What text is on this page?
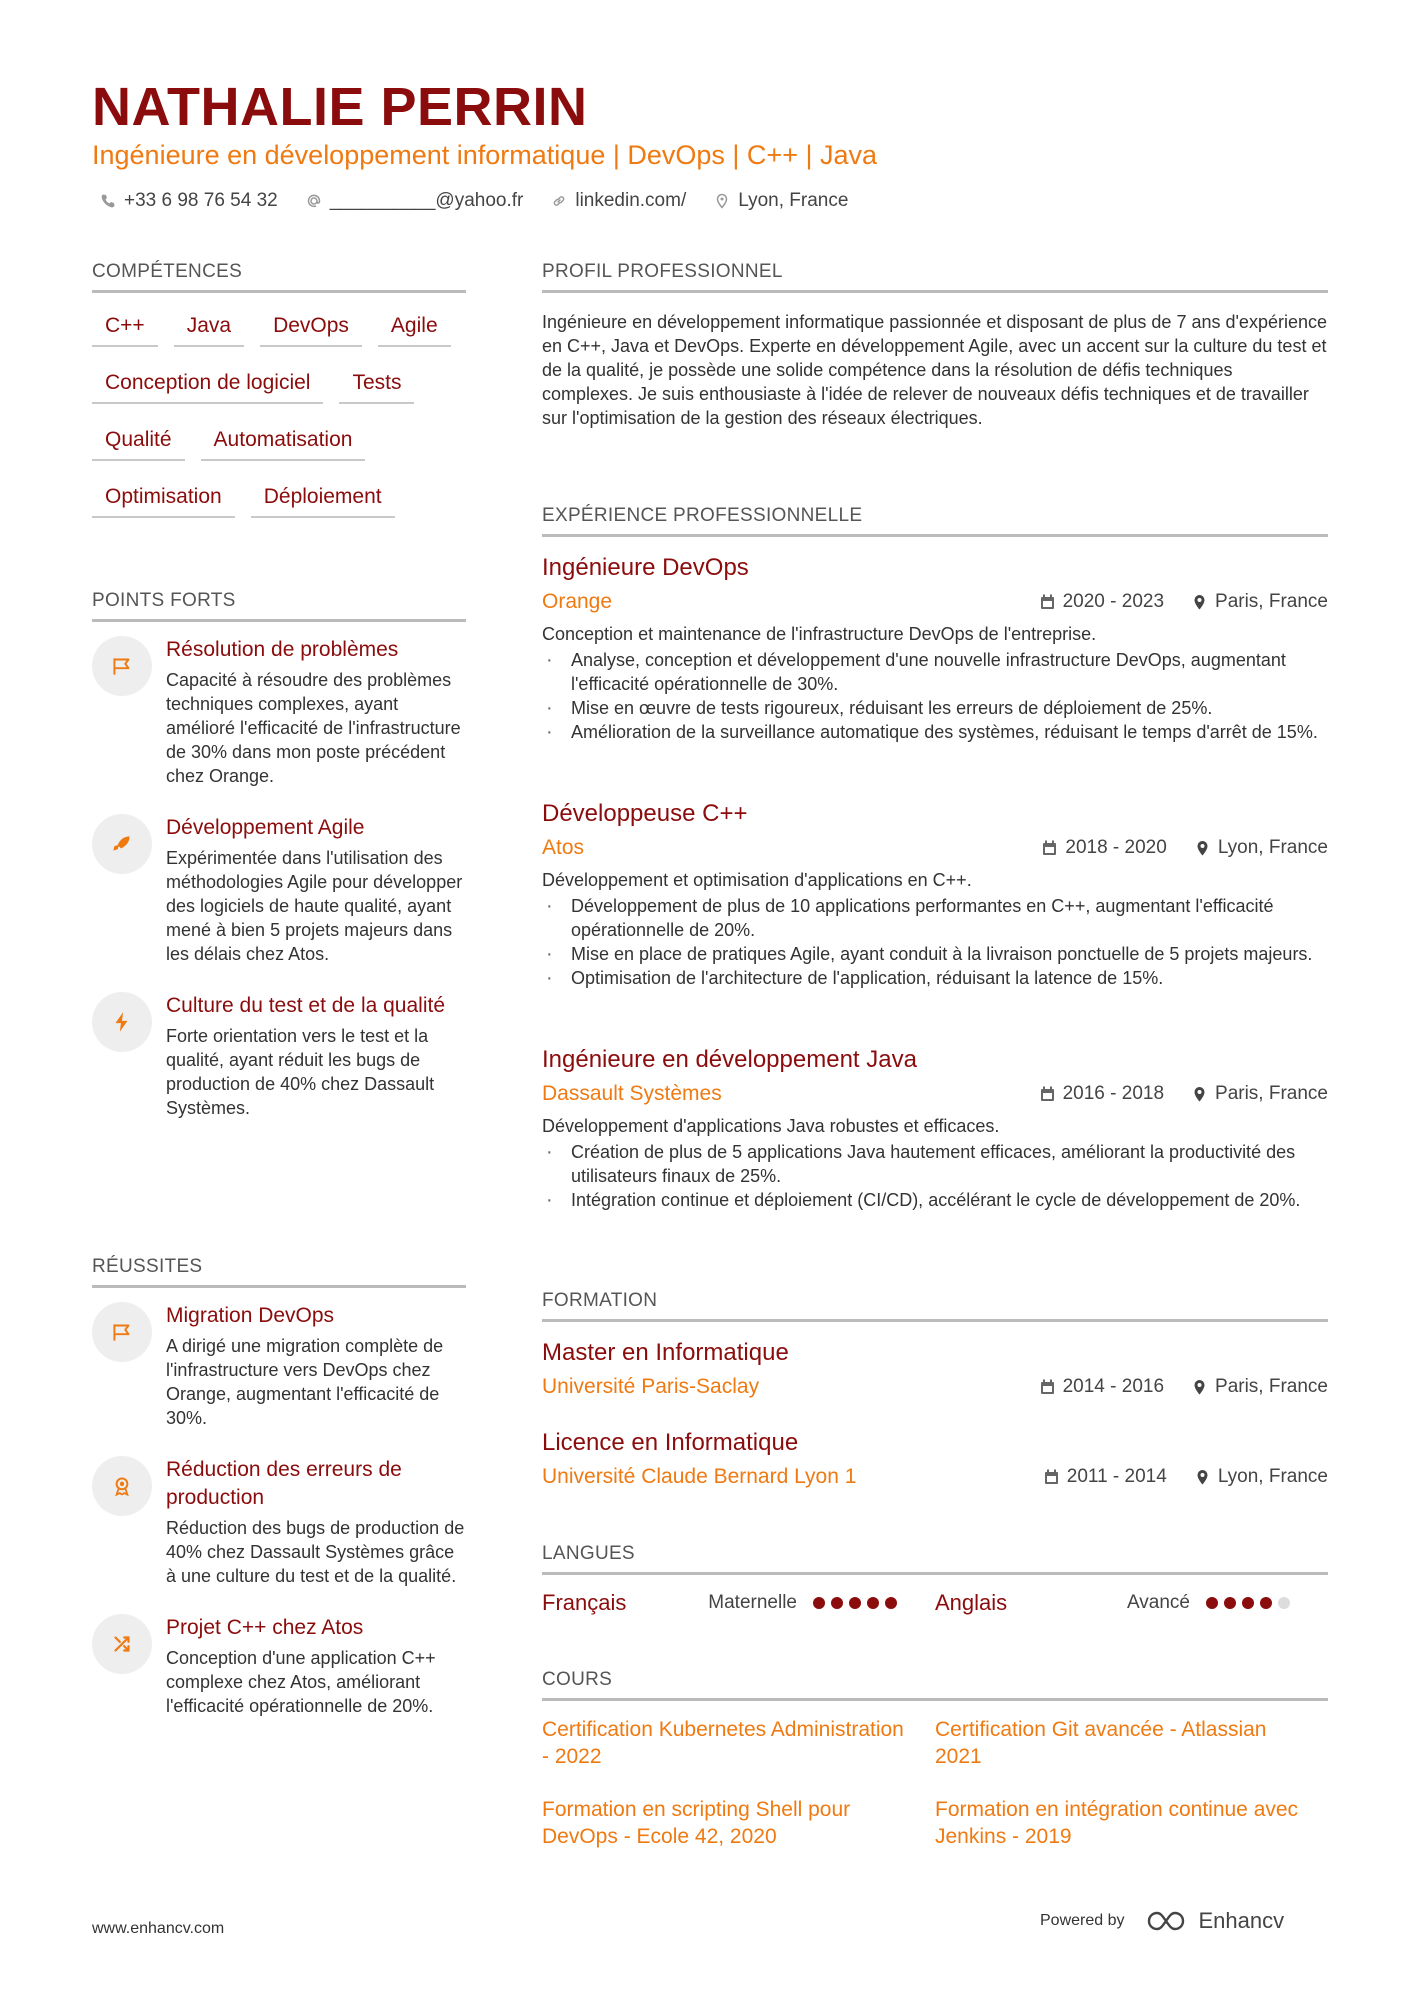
NATHALIE PERRIN
Ingénieure en développement informatique | DevOps | C++ | Java
+33 6 98 76 54 32	__________@yahoo.fr	linkedin.com/	Lyon, France
COMPÉTENCES
C++	Java	DevOps	Agile
Conception de logiciel	Tests
Qualité	Automatisation
Optimisation	Déploiement
POINTS FORTS
Résolution de problèmes
Capacité à résoudre des problèmes techniques complexes, ayant amélioré l'efficacité de l'infrastructure de 30% dans mon poste précédent chez Orange.
Développement Agile
Expérimentée dans l'utilisation des méthodologies Agile pour développer des logiciels de haute qualité, ayant mené à bien 5 projets majeurs dans les délais chez Atos.
Culture du test et de la qualité
Forte orientation vers le test et la qualité, ayant réduit les bugs de production de 40% chez Dassault Systèmes.
RÉUSSITES
Migration DevOps
A dirigé une migration complète de l'infrastructure vers DevOps chez Orange, augmentant l'efficacité de 30%.
Réduction des erreurs de production
Réduction des bugs de production de 40% chez Dassault Systèmes grâce à une culture du test et de la qualité.
Projet C++ chez Atos
Conception d'une application C++ complexe chez Atos, améliorant l'efficacité opérationnelle de 20%.
PROFIL PROFESSIONNEL
Ingénieure en développement informatique passionnée et disposant de plus de 7 ans d'expérience en C++, Java et DevOps. Experte en développement Agile, avec un accent sur la culture du test et de la qualité, je possède une solide compétence dans la résolution de défis techniques complexes. Je suis enthousiaste à l'idée de relever de nouveaux défis techniques et de travailler sur l'optimisation de la gestion des réseaux électriques.
EXPÉRIENCE PROFESSIONNELLE
Ingénieure DevOps
Orange	2020 - 2023	Paris, France
Conception et maintenance de l'infrastructure DevOps de l'entreprise.
· Analyse, conception et développement d'une nouvelle infrastructure DevOps, augmentant l'efficacité opérationnelle de 30%.
· Mise en œuvre de tests rigoureux, réduisant les erreurs de déploiement de 25%.
· Amélioration de la surveillance automatique des systèmes, réduisant le temps d'arrêt de 15%.
Développeuse C++
Atos	2018 - 2020	Lyon, France
Développement et optimisation d'applications en C++.
· Développement de plus de 10 applications performantes en C++, augmentant l'efficacité opérationnelle de 20%.
· Mise en place de pratiques Agile, ayant conduit à la livraison ponctuelle de 5 projets majeurs.
· Optimisation de l'architecture de l'application, réduisant la latence de 15%.
Ingénieure en développement Java
Dassault Systèmes	2016 - 2018	Paris, France
Développement d'applications Java robustes et efficaces.
· Création de plus de 5 applications Java hautement efficaces, améliorant la productivité des utilisateurs finaux de 25%.
· Intégration continue et déploiement (CI/CD), accélérant le cycle de développement de 20%.
FORMATION
Master en Informatique
Université Paris-Saclay	2014 - 2016	Paris, France
Licence en Informatique
Université Claude Bernard Lyon 1	2011 - 2014	Lyon, France
LANGUES
Français	Maternelle	Anglais	Avancé
COURS
Certification Kubernetes Administration - 2022
Certification Git avancée - Atlassian 2021
Formation en scripting Shell pour DevOps - Ecole 42, 2020
Formation en intégration continue avec Jenkins - 2019
www.enhancv.com	Powered by	Enhancv
